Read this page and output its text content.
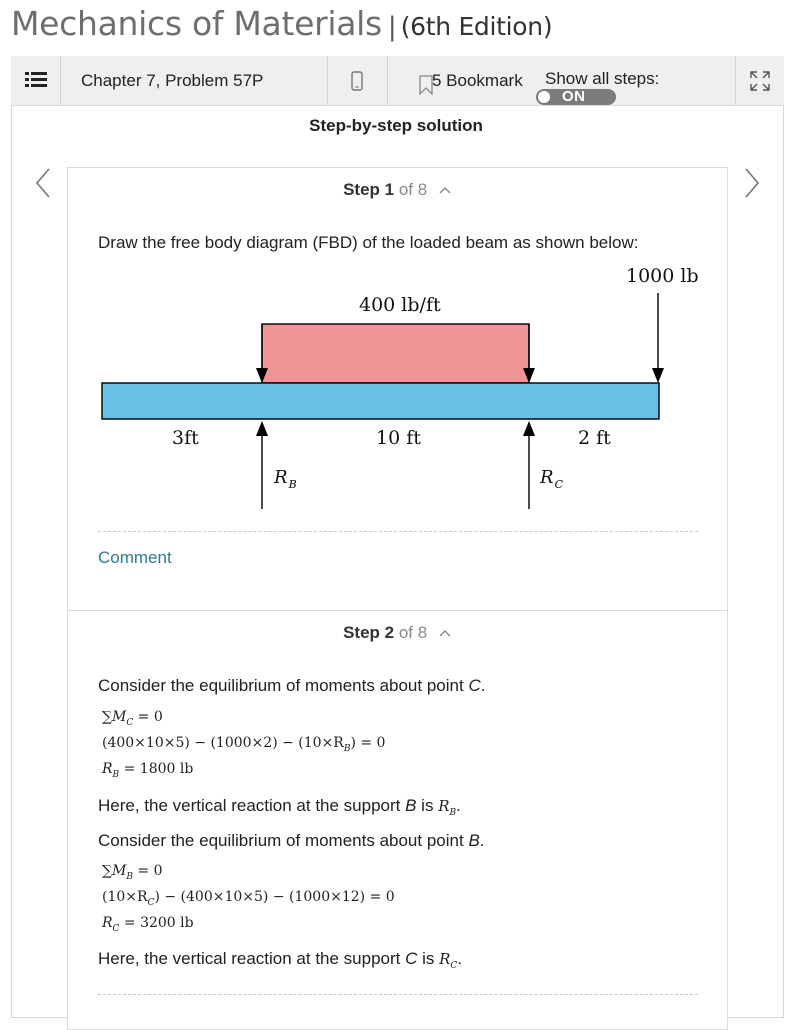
Mechanics of Materials | (6th Edition)
Chapter 7, Problem 57P	5 Bookmark	Show all steps:
ON
Step-by-step solution
Step 1 of 8
Draw the free body diagram (FBD) of the loaded beam as shown below:
1000 lb
400 lb/ft
3ft	10 ft	2 ft
$R_B$	$R_C$
Comment
Step 2 of 8
Consider the equilibrium of moments about point C.
$\sum M_C = 0$
$(400\times 10\times 5) - (1000\times 2) - (10\times R_B) = 0$
$R_B = 1800$ lb
Here, the vertical reaction at the support B is $R_B$.
Consider the equilibrium of moments about point B.
$\sum M_B = 0$
$(10\times R_C) - (400\times 10\times 5) - (1000\times 12) = 0$
$R_C = 3200$ lb
Here, the vertical reaction at the support C is $R_C$.
